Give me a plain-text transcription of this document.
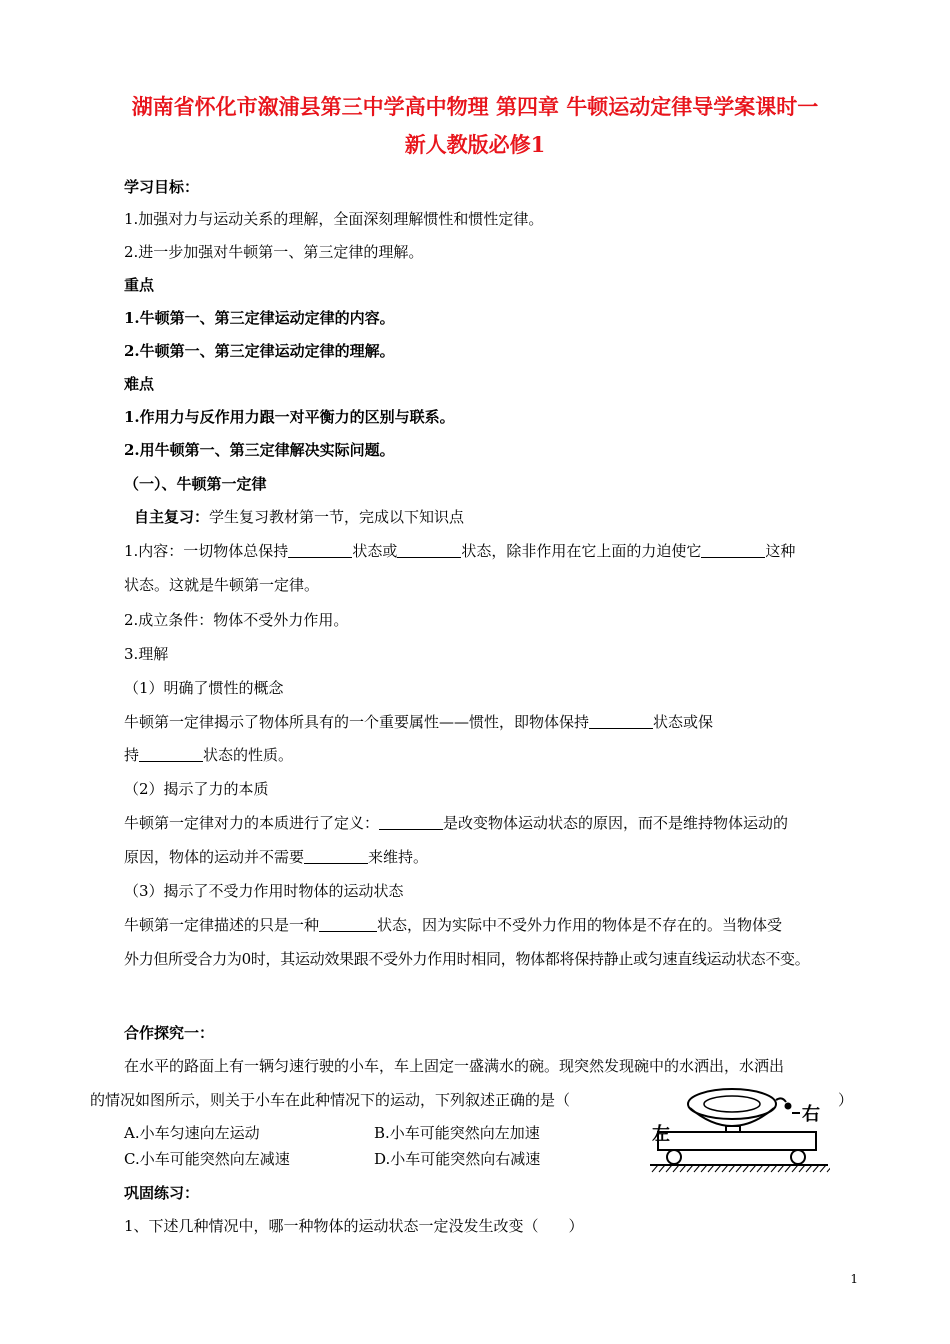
湖南省怀化市溆浦县第三中学高中物理 第四章 牛顿运动定律导学案课时一
新人教版必修1
学习目标：
1.加强对力与运动关系的理解，全面深刻理解惯性和惯性定律。
2.进一步加强对牛顿第一、第三定律的理解。
重点
1.牛顿第一、第三定律运动定律的内容。
2.牛顿第一、第三定律运动定律的理解。
难点
1.作用力与反作用力跟一对平衡力的区别与联系。
2.用牛顿第一、第三定律解决实际问题。
（一）、牛顿第一定律
自主复习：学生复习教材第一节，完成以下知识点
1.内容：一切物体总保持	状态或	状态，除非作用在它上面的力迫使它	这种
状态。这就是牛顿第一定律。
2.成立条件：物体不受外力作用。
3.理解
（1）明确了惯性的概念
牛顿第一定律揭示了物体所具有的一个重要属性——惯性，即物体保持	状态或保
持	状态的性质。
（2）揭示了力的本质
牛顿第一定律对力的本质进行了定义：	是改变物体运动状态的原因，而不是维持物体运动的
原因，物体的运动并不需要	来维持。
（3）揭示了不受力作用时物体的运动状态
牛顿第一定律描述的只是一种	状态，因为实际中不受外力作用的物体是不存在的。当物体受
外力但所受合力为0时，其运动效果跟不受外力作用时相同，物体都将保持静止或匀速直线运动状态不变。
合作探究一：
在水平的路面上有一辆匀速行驶的小车，车上固定一盛满水的碗。现突然发现碗中的水洒出，水洒出
的情况如图所示，则关于小车在此种情况下的运动，下列叙述正确的是（	）
A.小车匀速向左运动	B.小车可能突然向左加速
C.小车可能突然向左减速	D.小车可能突然向右减速
左
右
巩固练习：
1、下述几种情况中，哪一种物体的运动状态一定没发生改变（　　）
1
